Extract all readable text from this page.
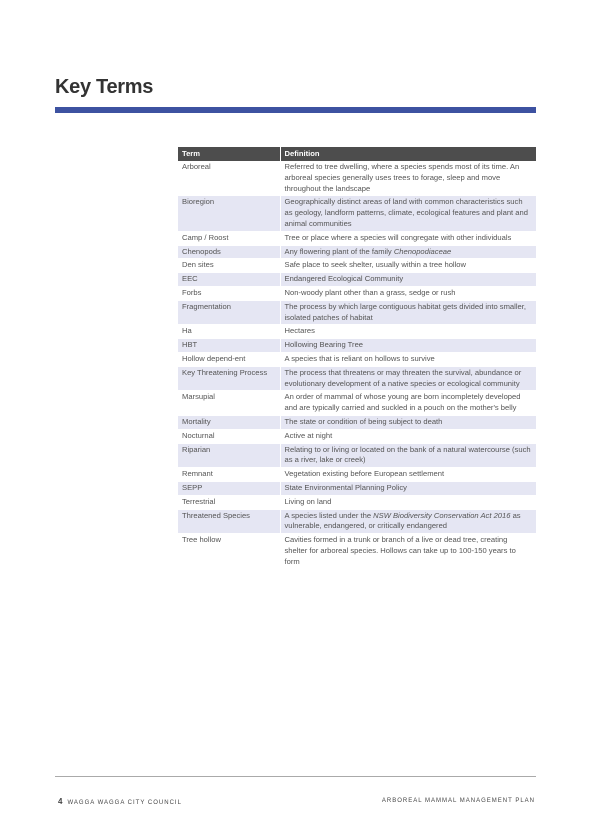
Key Terms
Term	Definition
Arboreal	Referred to tree dwelling, where a species spends most of its time. An arboreal species generally uses trees to forage, sleep and move throughout the landscape
Bioregion	Geographically distinct areas of land with common characteristics such as geology, landform patterns, climate, ecological features and plant and animal communities
Camp / Roost	Tree or place where a species will congregate with other individuals
Chenopods	Any flowering plant of the family Chenopodiaceae
Den sites	Safe place to seek shelter, usually within a tree hollow
EEC	Endangered Ecological Community
Forbs	Non-woody plant other than a grass, sedge or rush
Fragmentation	The process by which large contiguous habitat gets divided into smaller, isolated patches of habitat
Ha	Hectares
HBT	Hollowing Bearing Tree
Hollow depend-ent	A species that is reliant on hollows to survive
Key Threatening Process	The process that threatens or may threaten the survival, abundance or evolutionary development of a native species or ecological community
Marsupial	An order of mammal of whose young are born incompletely developed and are typically carried and suckled in a pouch on the mother's belly
Mortality	The state or condition of being subject to death
Nocturnal	Active at night
Riparian	Relating to or living or located on the bank of a natural watercourse (such as a river, lake or creek)
Remnant	Vegetation existing before European settlement
SEPP	State Environmental Planning Policy
Terrestrial	Living on land
Threatened Species	A species listed under the NSW Biodiversity Conservation Act 2016 as vulnerable, endangered, or critically endangered
Tree hollow	Cavities formed in a trunk or branch of a live or dead tree, creating shelter for arboreal species. Hollows can take up to 100-150 years to form
4 WAGGA WAGGA CITY COUNCIL	ARBOREAL MAMMAL MANAGEMENT PLAN
